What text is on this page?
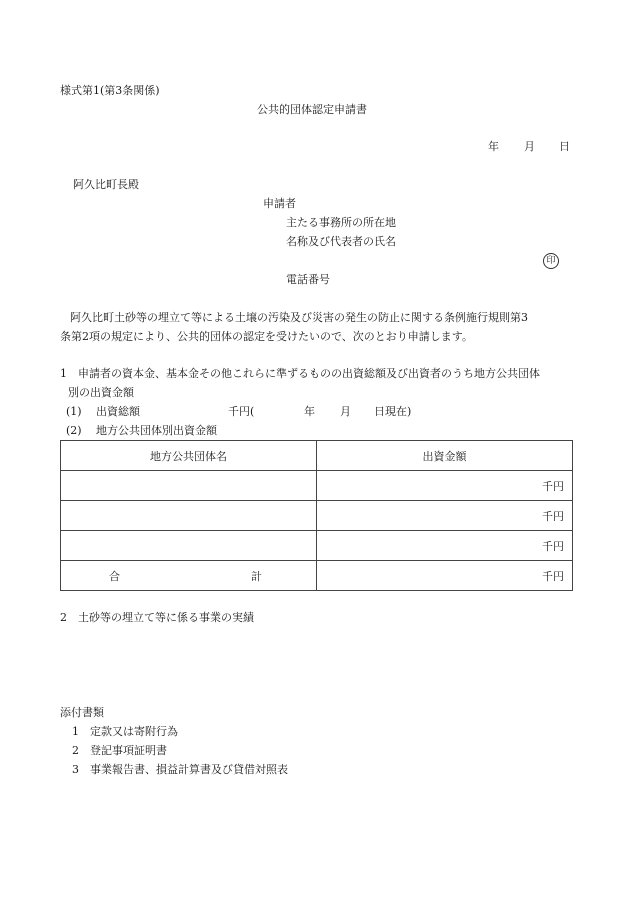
様式第1(第3条関係)
公共的団体認定申請書
年 月 日
阿久比町長殿
申請者
主たる事務所の所在地
名称及び代表者の氏名
印
電話番号
阿久比町土砂等の埋立て等による土壌の汚染及び災害の発生の防止に関する条例施行規則第3
条第2項の規定により、公共的団体の認定を受けたいので、次のとおり申請します。
1　申請者の資本金、基本金その他これらに準ずるものの出資総額及び出資者のうち地方公共団体
別の出資金額
(1) 出資総額	千円(	年 月 日現在)
(2) 地方公共団体別出資金額
地方公共団体名	出資金額
	千円
	千円
	千円

合 計	千円
2　土砂等の埋立て等に係る事業の実績
添付書類
1 定款又は寄附行為
2 登記事項証明書
3 事業報告書、損益計算書及び貸借対照表
